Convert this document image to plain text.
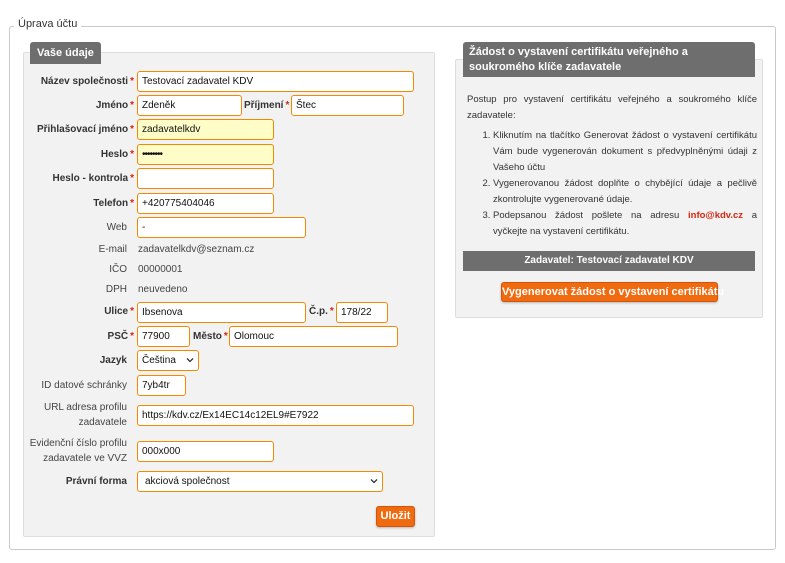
Úprava účtu
Vaše údaje
Název společnosti * Testovací zadavatel KDV
Jméno * Zdeněk	Příjmení * Štec
Přihlašovací jméno * zadavatelkdv
Heslo * ••••••••
Heslo - kontrola *
Telefon * +420775404046
Web	-
E-mail zadavatelkdv@seznam.cz
IČO 00000001
DPH neuvedeno
Ulice * Ibsenova	Č.p. * 178/22
PSČ * 77900	Město * Olomouc
Jazyk	Čeština
ID datové schránky	7yb4tr
URL adresa profilu zadavatele
https://kdv.cz/Ex14EC14c12EL9#E7922
Evidenční číslo profilu zadavatele ve VVZ
000x000
Právní forma	akciová společnost
Uložit
Žádost o vystavení certifikátu veřejného a soukromého klíče zadavatele
Postup pro vystavení certifikátu veřejného a soukromého klíče zadavatele:
1. Kliknutím na tlačítko Generovat žádost o vystavení certifikátu Vám bude vygenerován dokument s předvyplněnými údaji z Vašeho účtu
2. Vygenerovanou žádost doplňte o chybějící údaje a pečlivě zkontrolujte vygenerované údaje.
3. Podepsanou žádost pošlete na adresu info@kdv.cz a vyčkejte na vystavení certifikátu.
Zadavatel: Testovací zadavatel KDV
Vygenerovat žádost o vystavení certifikátu
